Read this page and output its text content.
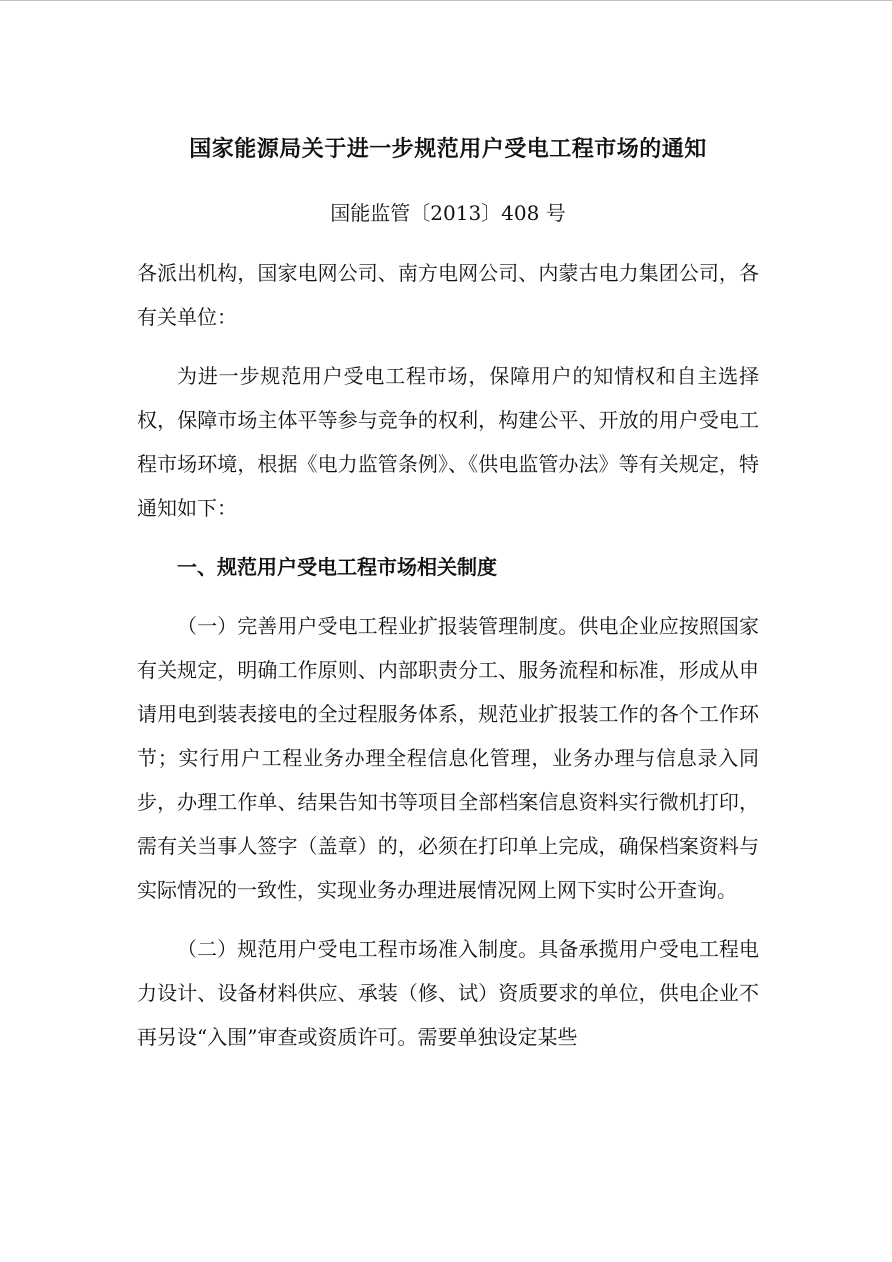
国家能源局关于进一步规范用户受电工程市场的通知
国能监管〔2013〕408 号

各派出机构，国家电网公司、南方电网公司、内蒙古电力集团公司，各有关单位：

为进一步规范用户受电工程市场，保障用户的知情权和自主选择权，保障市场主体平等参与竞争的权利，构建公平、开放的用户受电工程市场环境，根据《电力监管条例》、《供电监管办法》等有关规定，特通知如下：

一、规范用户受电工程市场相关制度

（一）完善用户受电工程业扩报装管理制度。供电企业应按照国家有关规定，明确工作原则、内部职责分工、服务流程和标准，形成从申请用电到装表接电的全过程服务体系，规范业扩报装工作的各个工作环节；实行用户工程业务办理全程信息化管理，业务办理与信息录入同步，办理工作单、结果告知书等项目全部档案信息资料实行微机打印，需有关当事人签字（盖章）的，必须在打印单上完成，确保档案资料与实际情况的一致性，实现业务办理进展情况网上网下实时公开查询。

（二）规范用户受电工程市场准入制度。具备承揽用户受电工程电力设计、设备材料供应、承装（修、试）资质要求的单位，供电企业不再另设“入围”审查或资质许可。需要单独设定某些
